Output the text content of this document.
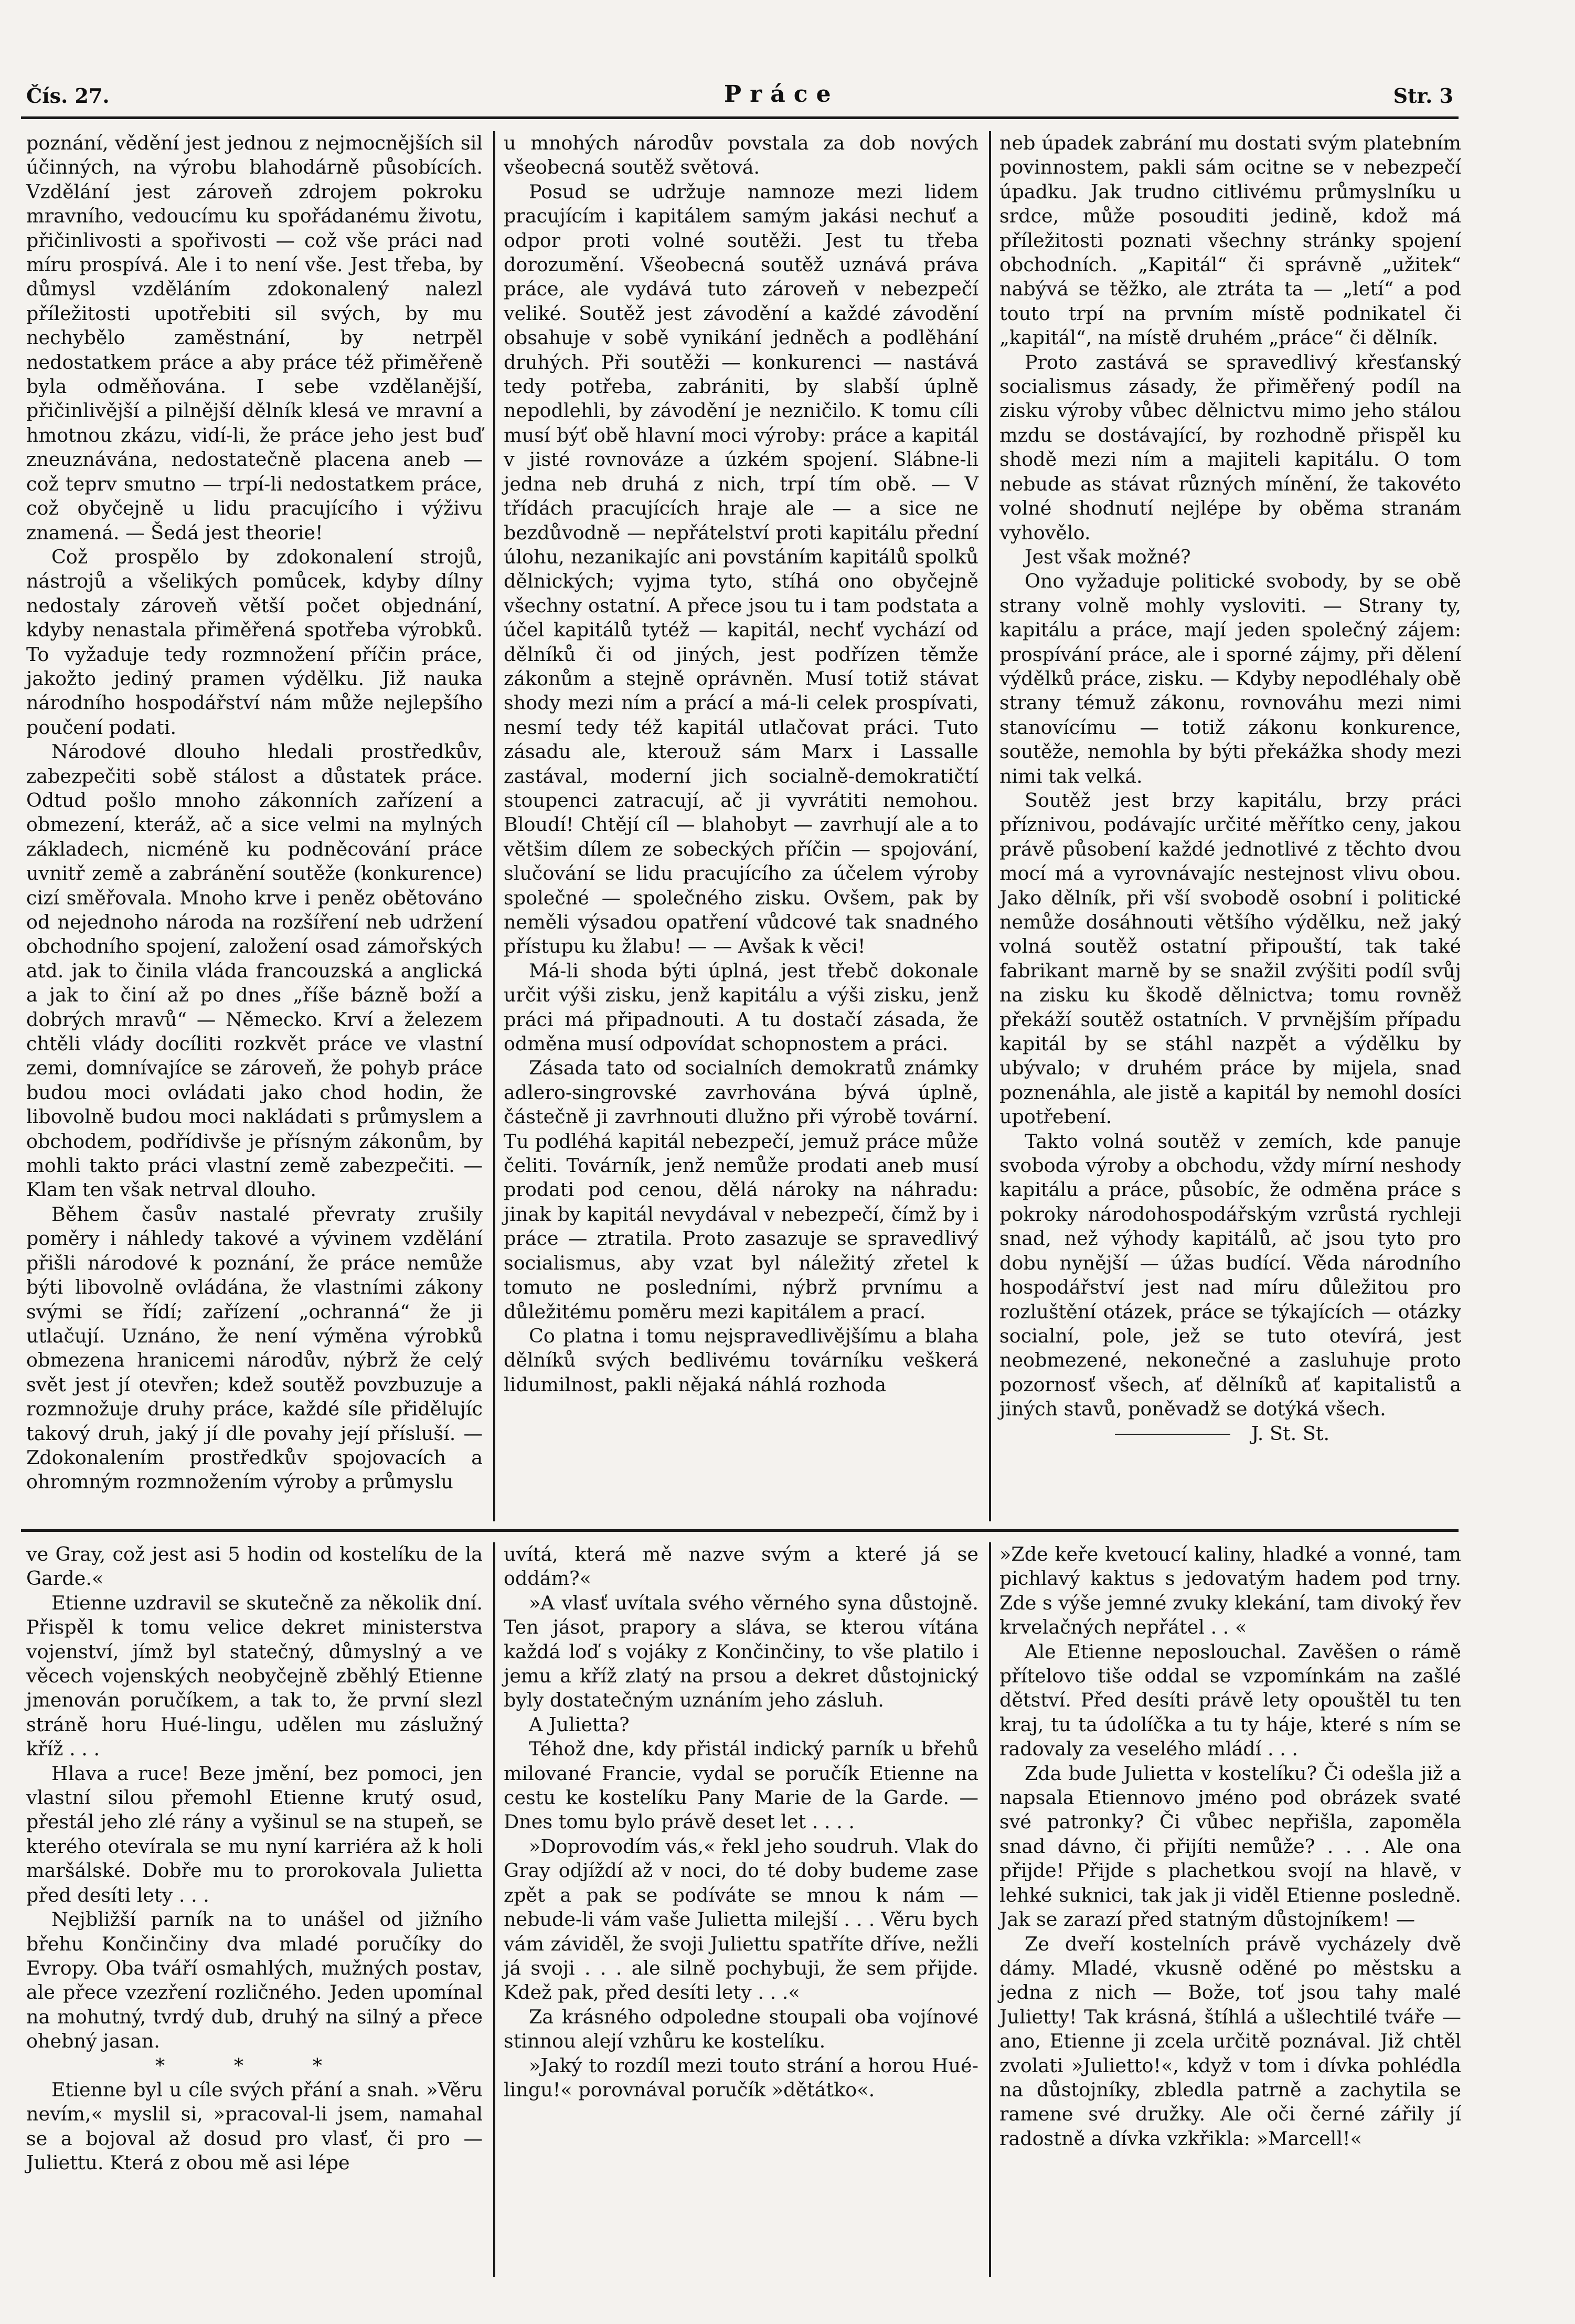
Čís. 27.	Práce	Str. 3

poznání, vědění jest jednou z nejmocnějších sil účinných, na výrobu blahodárně působících. Vzdělání jest zároveň zdrojem pokroku mravního, vedoucímu ku spořádanému životu, přičinlivosti a spořivosti — což vše práci nad míru prospívá. Ale i to není vše. Jest třeba, by důmysl vzděláním zdokonalený nalezl příležitosti upotřebiti sil svých, by mu nechybělo zaměstnání, by netrpěl nedostatkem práce a aby práce též přiměřeně byla odměňována. I sebe vzdělanější, přičinlivější a pilnější dělník klesá ve mravní a hmotnou zkázu, vidí-li, že práce jeho jest buď zneuznávána, nedostatečně placena aneb — což teprv smutno — trpí-li nedostatkem práce, což obyčejně u lidu pracujícího i výživu znamená. — Šedá jest theorie!

Což prospělo by zdokonalení strojů, nástrojů a všelikých pomůcek, kdyby dílny nedostaly zároveň větší počet objednání, kdyby nenastala přiměřená spotřeba výrobků. To vyžaduje tedy rozmnožení příčin práce, jakožto jediný pramen výdělku. Již nauka národního hospodářství nám může nejlepšího poučení podati.

Národové dlouho hledali prostředkův, zabezpečiti sobě stálost a důstatek práce. Odtud pošlo mnoho zákonních zařízení a obmezení, kteráž, ač a sice velmi na mylných základech, nicméně ku podněcování práce uvnitř země a zabránění soutěže (konkurence) cizí směřovala. Mnoho krve i peněz obětováno od nejednoho národa na rozšíření neb udržení obchodního spojení, založení osad zámořských atd. jak to činila vláda francouzská a anglická a jak to činí až po dnes „říše bázně boží a dobrých mravů“ — Německo. Krví a železem chtěli vlády docíliti rozkvět práce ve vlastní zemi, domnívajíce se zároveň, že pohyb práce budou moci ovládati jako chod hodin, že libovolně budou moci nakládati s průmyslem a obchodem, podřídivše je přísným zákonům, by mohli takto práci vlastní země zabezpečiti. — Klam ten však netrval dlouho.

Během časův nastalé převraty zrušily poměry i náhledy takové a vývinem vzdělání přišli národové k poznání, že práce nemůže býti libovolně ovládána, že vlastními zákony svými se řídí; zařízení „ochranná“ že ji utlačují. Uznáno, že není výměna výrobků obmezena hranicemi národův, nýbrž že celý svět jest jí otevřen; kdež soutěž povzbuzuje a rozmnožuje druhy práce, každé síle přidělujíc takový druh, jaký jí dle povahy její přísluší. — Zdokonalením prostředkův spojovacích a ohromným rozmnožením výroby a průmyslu

u mnohých národův povstala za dob nových všeobecná soutěž světová.

Posud se udržuje namnoze mezi lidem pracujícím i kapitálem samým jakási nechuť a odpor proti volné soutěži. Jest tu třeba dorozumění. Všeobecná soutěž uznává práva práce, ale vydává tuto zároveň v nebezpečí veliké. Soutěž jest závodění a každé závodění obsahuje v sobě vynikání jedněch a podlěhání druhých. Při soutěži — konkurenci — nastává tedy potřeba, zabrániti, by slabší úplně nepodlehli, by závodění je nezničilo. K tomu cíli musí býť obě hlavní moci výroby: práce a kapitál v jisté rovnováze a úzkém spojení. Slábne-li jedna neb druhá z nich, trpí tím obě. — V třídách pracujících hraje ale — a sice ne bezdůvodně — nepřátelství proti kapitálu přední úlohu, nezanikajíc ani povstáním kapitálů spolků dělnických; vyjma tyto, stíhá ono obyčejně všechny ostatní. A přece jsou tu i tam podstata a účel kapitálů tytéž — kapitál, nechť vychází od dělníků či od jiných, jest podřízen těmže zákonům a stejně oprávněn. Musí totiž stávat shody mezi ním a prácí a má-li celek prospívati, nesmí tedy též kapitál utlačovat práci. Tuto zásadu ale, kterouž sám Marx i Lassalle zastával, moderní jich socialně-demokratičtí stoupenci zatracují, ač ji vyvrátiti nemohou. Bloudí! Chtějí cíl — blahobyt — zavrhují ale a to většim dílem ze sobeckých příčin — spojování, slučování se lidu pracujícího za účelem výroby společné — společného zisku. Ovšem, pak by neměli výsadou opatření vůdcové tak snadného přístupu ku žlabu! — — Avšak k věci!

Má-li shoda býti úplná, jest třebč dokonale určit výši zisku, jenž kapitálu a výši zisku, jenž práci má připadnouti. A tu dostačí zásada, že odměna musí odpovídat schopnostem a práci.

Zásada tato od socialních demokratů známky adlero-singrovské zavrhována bývá úplně, částečně ji zavrhnouti dlužno při výrobě tovární. Tu podléhá kapitál nebezpečí, jemuž práce může čeliti. Továrník, jenž nemůže prodati aneb musí prodati pod cenou, dělá nároky na náhradu: jinak by kapitál nevydával v nebezpečí, čímž by i práce — ztratila. Proto zasazuje se spravedlivý socialismus, aby vzat byl náležitý zřetel k tomuto ne posledními, nýbrž prvnímu a důležitému poměru mezi kapitálem a prací.

Co platna i tomu nejspravedlivějšímu a blaha dělníků svých bedlivému továrníku veškerá lidumilnost, pakli nějaká náhlá rozhoda

neb úpadek zabrání mu dostati svým platebním povinnostem, pakli sám ocitne se v nebezpečí úpadku. Jak trudno citlivému průmyslníku u srdce, může posouditi jedině, kdož má příležitosti poznati všechny stránky spojení obchodních. „Kapitál“ či správně „užitek“ nabývá se těžko, ale ztráta ta — „letí“ a pod touto trpí na prvním místě podnikatel či „kapitál“, na místě druhém „práce“ či dělník.

Proto zastává se spravedlivý křesťanský socialismus zásady, že přiměřený podíl na zisku výroby vůbec dělnictvu mimo jeho stálou mzdu se dostávající, by rozhodně přispěl ku shodě mezi ním a majiteli kapitálu. O tom nebude as stávat různých mínění, že takovéto volné shodnutí nejlépe by oběma stranám vyhovělo.

Jest však možné?

Ono vyžaduje politické svobody, by se obě strany volně mohly vysloviti. — Strany ty, kapitálu a práce, mají jeden společný zájem: prospívání práce, ale i sporné zájmy, při dělení výdělků práce, zisku. — Kdyby nepodléhaly obě strany témuž zákonu, rovnováhu mezi nimi stanovícímu — totiž zákonu konkurence, soutěže, nemohla by býti překážka shody mezi nimi tak velká.

Soutěž jest brzy kapitálu, brzy práci příznivou, podávajíc určité měřítko ceny, jakou právě působení každé jednotlivé z těchto dvou mocí má a vyrovnávajíc nestejnost vlivu obou. Jako dělník, při vší svobodě osobní i politické nemůže dosáhnouti většího výdělku, než jaký volná soutěž ostatní připouští, tak také fabrikant marně by se snažil zvýšiti podíl svůj na zisku ku škodě dělnictva; tomu rovněž překáží soutěž ostatních. V prvnějším případu kapitál by se stáhl nazpět a výdělku by ubývalo; v druhém práce by mijela, snad poznenáhla, ale jistě a kapitál by nemohl dosíci upotřebení.

Takto volná soutěž v zemích, kde panuje svoboda výroby a obchodu, vždy mírní neshody kapitálu a práce, působíc, že odměna práce s pokroky národohospodářským vzrůstá rychleji snad, než výhody kapitálů, ač jsou tyto pro dobu nynější — úžas budící. Věda národního hospodářství jest nad míru důležitou pro rozluštění otázek, práce se týkajících — otázky socialní, pole, jež se tuto otevírá, jest neobmezené, nekonečné a zasluhuje proto pozornosť všech, ať dělníků ať kapitalistů a jiných stavů, poněvadž se dotýká všech.

J. St. St.

ve Gray, což jest asi 5 hodin od kostelíku de la Garde.«

Etienne uzdravil se skutečně za několik dní. Přispěl k tomu velice dekret ministerstva vojenství, jímž byl statečný, důmyslný a ve věcech vojenských neobyčejně zběhlý Etienne jmenován poručíkem, a tak to, že první slezl stráně horu Hué-lingu, udělen mu záslužný kříž . . .

Hlava a ruce! Beze jmění, bez pomoci, jen vlastní silou přemohl Etienne krutý osud, přestál jeho zlé rány a vyšinul se na stupeň, se kterého otevírala se mu nyní karriéra až k holi maršálské. Dobře mu to prorokovala Julietta před desíti lety . . .

Nejbližší parník na to unášel od jižního břehu Končinčiny dva mladé poručíky do Evropy. Oba tváří osmahlých, mužných postav, ale přece vzezření rozličného. Jeden upomínal na mohutný, tvrdý dub, druhý na silný a přece ohebný jasan.

* * *

Etienne byl u cíle svých přání a snah. »Věru nevím,« myslil si, »pracoval-li jsem, namahal se a bojoval až dosud pro vlasť, či pro — Juliettu. Která z obou mě asi lépe

uvítá, která mě nazve svým a které já se oddám?«

»A vlasť uvítala svého věrného syna důstojně. Ten jásot, prapory a sláva, se kterou vítána každá loď s vojáky z Končinčiny, to vše platilo i jemu a kříž zlatý na prsou a dekret důstojnický byly dostatečným uznáním jeho zásluh.

A Julietta?

Téhož dne, kdy přistál indický parník u břehů milované Francie, vydal se poručík Etienne na cestu ke kostelíku Pany Marie de la Garde. — Dnes tomu bylo právě deset let . . . .

»Doprovodím vás,« řekl jeho soudruh. Vlak do Gray odjíždí až v noci, do té doby budeme zase zpět a pak se podíváte se mnou k nám — nebude-li vám vaše Julietta milejší . . . Věru bych vám záviděl, že svoji Juliettu spatříte dříve, nežli já svoji . . . ale silně pochybuji, že sem přijde. Kdež pak, před desíti lety . . .«

Za krásného odpoledne stoupali oba vojínové stinnou alejí vzhůru ke kostelíku.

»Jaký to rozdíl mezi touto strání a horou Hué-lingu!« porovnával poručík »dětátko«.

»Zde keře kvetoucí kaliny, hladké a vonné, tam pichlavý kaktus s jedovatým hadem pod trny. Zde s výše jemné zvuky klekání, tam divoký řev krvelačných nepřátel . . «

Ale Etienne neposlouchal. Zavěšen o rámě přítelovo tiše oddal se vzpomínkám na zašlé dětství. Před desíti právě lety opouštěl tu ten kraj, tu ta údolíčka a tu ty háje, které s ním se radovaly za veselého mládí . . .

Zda bude Julietta v kostelíku? Či odešla již a napsala Etiennovo jméno pod obrázek svaté své patronky? Či vůbec nepřišla, zapoměla snad dávno, či přijíti nemůže? . . . Ale ona přijde! Přijde s plachetkou svojí na hlavě, v lehké suknici, tak jak ji viděl Etienne posledně. Jak se zarazí před statným důstojníkem! —

Ze dveří kostelních právě vycházely dvě dámy. Mladé, vkusně oděné po městsku a jedna z nich — Bože, toť jsou tahy malé Julietty! Tak krásná, štíhlá a ušlechtilé tváře — ano, Etienne ji zcela určitě poznával. Již chtěl zvolati »Julietto!«, když v tom i dívka pohlédla na důstojníky, zbledla patrně a zachytila se ramene své družky. Ale oči černé zářily jí radostně a dívka vzkřikla: »Marcell!«
